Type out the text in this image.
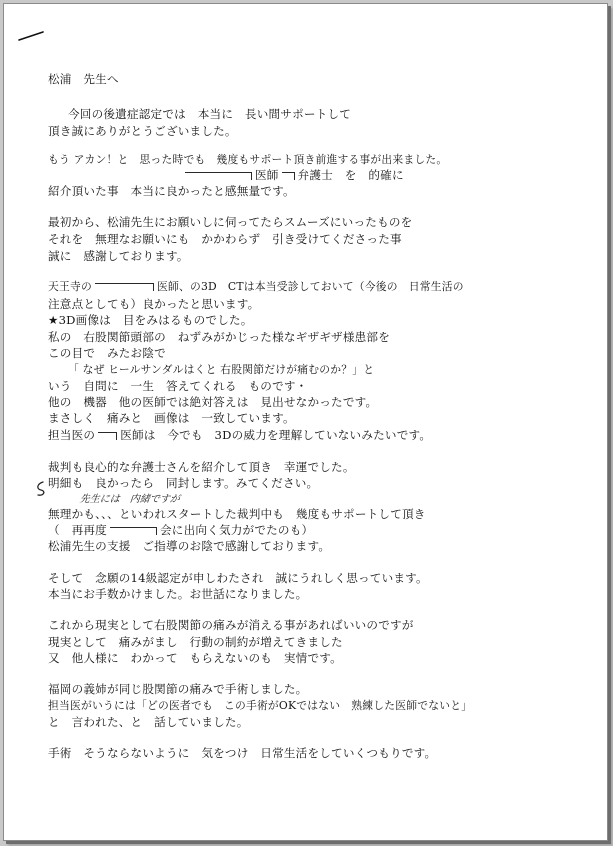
松浦　先生へ
今回の後遺症認定では　本当に　長い間サポートして
頂き誠にありがとうございました。
もう アカン！と　思った時でも　幾度もサポート頂き前進する事が出来ました。
医師 弁護士　を　的確に
紹介頂いた事　本当に良かったと感無量です。
最初から、松浦先生にお願いしに伺ってたらスムーズにいったものを
それを　無理なお願いにも　かかわらず　引き受けてくださった事
誠に　感謝しております。
天王寺の	医師、の3D　CTは本当受診しておいて（今後の　日常生活の
注意点としても）良かったと思います。
★3D画像は　目をみはるものでした。
私の　右股関節頭部の　ねずみがかじった様なギザギザ様患部を
この目で　みたお陰で
「 なぜ ヒールサンダルはくと 右股関節だけが痛むのか？」と
いう　自問に　一生　答えてくれる　ものです・
他の　機器　他の医師では絶対答えは　見出せなかったです。
まさしく　痛みと　画像は　一致しています。
担当医の 医師は　今でも　3Dの威力を理解していないみたいです。
裁判も良心的な弁護士さんを紹介して頂き　幸運でした。
明細も　良かったら　同封します。みてください。
先生には　内緒ですが
無理かも、、、といわれスタートした裁判中も　幾度もサポートして頂き
（　再再度	会に出向く気力がでたのも）
松浦先生の支援　ご指導のお陰で感謝しております。
そして　念願の14級認定が申しわたされ　誠にうれしく思っています。
本当にお手数かけました。お世話になりました。
これから現実として右股関節の痛みが消える事があればいいのですが
現実として　痛みがまし　行動の制約が増えてきました
又　他人様に　わかって　もらえないのも　実情です。
福岡の義姉が同じ股関節の痛みで手術しました。
担当医がいうには「どの医者でも　この手術がOKではない　熟練した医師でないと」
と　言われた、と　話していました。
手術　そうならないように　気をつけ　日常生活をしていくつもりです。
